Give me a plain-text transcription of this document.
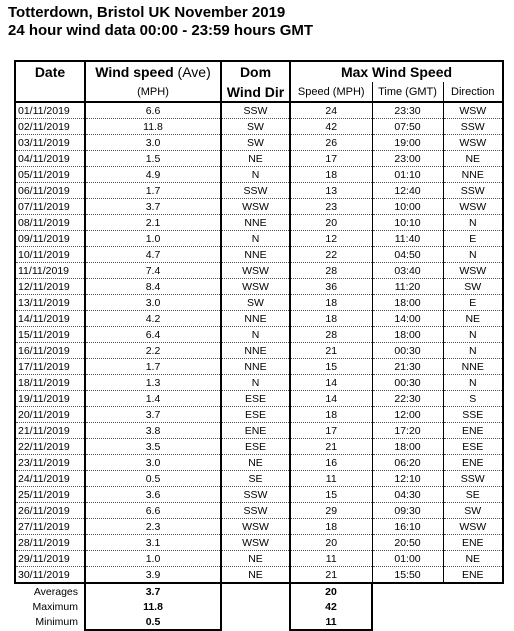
Totterdown, Bristol UK November 2019
24 hour wind data 00:00 - 23:59 hours GMT
Date	Wind speed (Ave)	Dom	Max Wind Speed		
	(MPH)	Wind Dir	Speed (MPH)	Time (GMT)	Direction
01/11/2019	6.6	SSW	24	23:30	WSW
02/11/2019	11.8	SW	42	07:50	SSW
03/11/2019	3.0	SW	26	19:00	WSW
04/11/2019	1.5	NE	17	23:00	NE
05/11/2019	4.9	N	18	01:10	NNE
06/11/2019	1.7	SSW	13	12:40	SSW
07/11/2019	3.7	WSW	23	10:00	WSW
08/11/2019	2.1	NNE	20	10:10	N
09/11/2019	1.0	N	12	11:40	E
10/11/2019	4.7	NNE	22	04:50	N
11/11/2019	7.4	WSW	28	03:40	WSW
12/11/2019	8.4	WSW	36	11:20	SW
13/11/2019	3.0	SW	18	18:00	E
14/11/2019	4.2	NNE	18	14:00	NE
15/11/2019	6.4	N	28	18:00	N
16/11/2019	2.2	NNE	21	00:30	N
17/11/2019	1.7	NNE	15	21:30	NNE
18/11/2019	1.3	N	14	00:30	N
19/11/2019	1.4	ESE	14	22:30	S
20/11/2019	3.7	ESE	18	12:00	SSE
21/11/2019	3.8	ENE	17	17:20	ENE
22/11/2019	3.5	ESE	21	18:00	ESE
23/11/2019	3.0	NE	16	06:20	ENE
24/11/2019	0.5	SE	11	12:10	SSW
25/11/2019	3.6	SSW	15	04:30	SE
26/11/2019	6.6	SSW	29	09:30	SW
27/11/2019	2.3	WSW	18	16:10	WSW
28/11/2019	3.1	WSW	20	20:50	ENE
29/11/2019	1.0	NE	11	01:00	NE
30/11/2019	3.9	NE	21	15:50	ENE
Averages	3.7		20		
Maximum	11.8		42		
Minimum	0.5		11		
